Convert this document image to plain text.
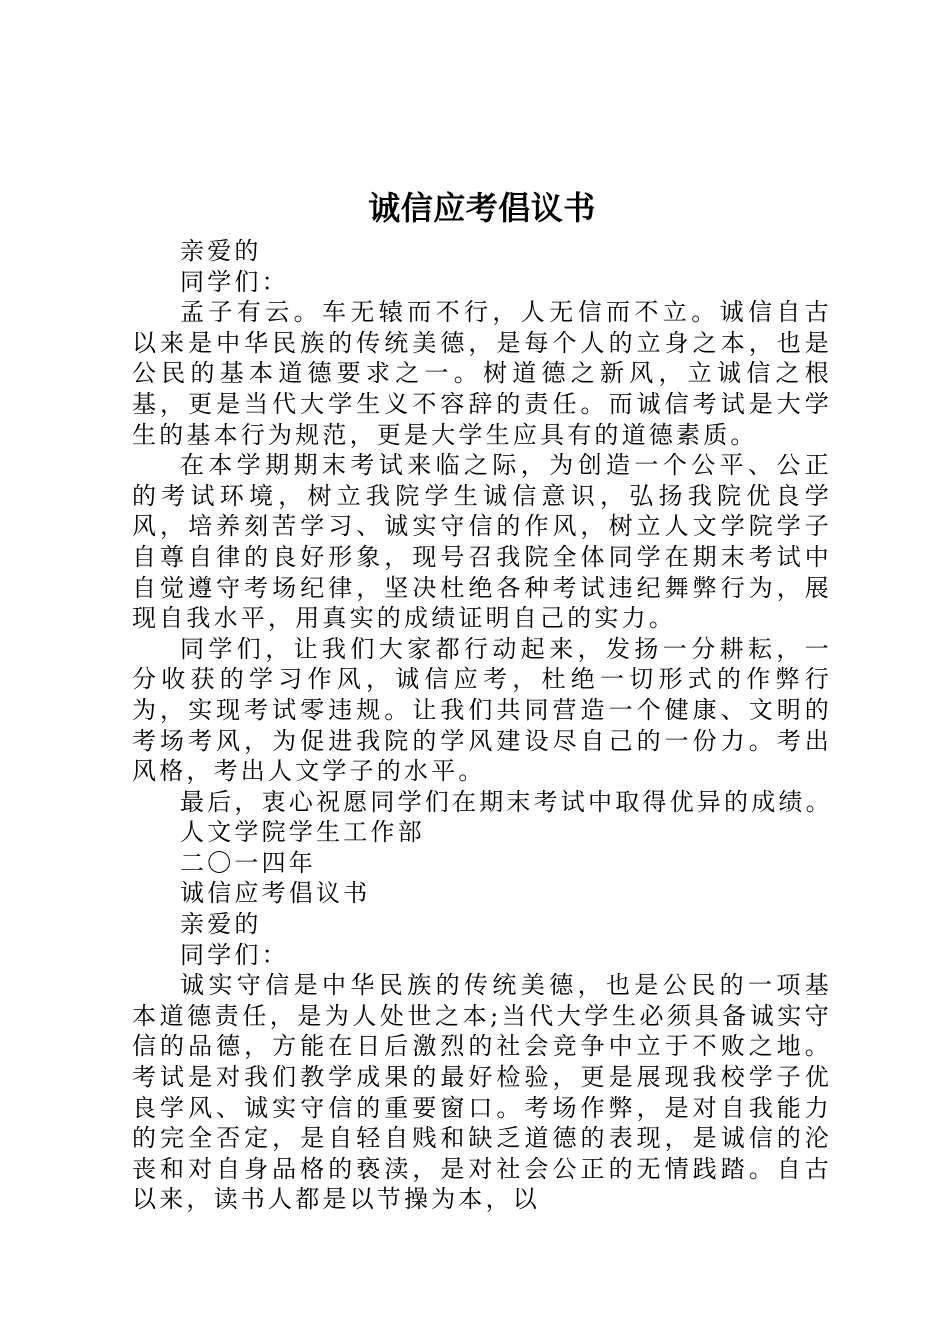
诚信应考倡议书
亲爱的
同学们：

孟子有云。车无辕而不行，人无信而不立。诚信自古以来是中华民族的传统美德，是每个人的立身之本，也是公民的基本道德要求之一。树道德之新风，立诚信之根基，更是当代大学生义不容辞的责任。而诚信考试是大学生的基本行为规范，更是大学生应具有的道德素质。

在本学期期末考试来临之际，为创造一个公平、公正的考试环境，树立我院学生诚信意识，弘扬我院优良学风，培养刻苦学习、诚实守信的作风，树立人文学院学子自尊自律的良好形象，现号召我院全体同学在期末考试中自觉遵守考场纪律，坚决杜绝各种考试违纪舞弊行为，展现自我水平，用真实的成绩证明自己的实力。

同学们，让我们大家都行动起来，发扬一分耕耘，一分收获的学习作风，诚信应考，杜绝一切形式的作弊行为，实现考试零违规。让我们共同营造一个健康、文明的考场考风，为促进我院的学风建设尽自己的一份力。考出风格，考出人文学子的水平。

最后，衷心祝愿同学们在期末考试中取得优异的成绩。
人文学院学生工作部
二〇一四年
诚信应考倡议书
亲爱的
同学们：

诚实守信是中华民族的传统美德，也是公民的一项基本道德责任，是为人处世之本;当代大学生必须具备诚实守信的品德，方能在日后激烈的社会竞争中立于不败之地。考试是对我们教学成果的最好检验，更是展现我校学子优良学风、诚实守信的重要窗口。考场作弊，是对自我能力的完全否定，是自轻自贱和缺乏道德的表现，是诚信的沦丧和对自身品格的亵渎，是对社会公正的无情践踏。自古以来，读书人都是以节操为本，以
